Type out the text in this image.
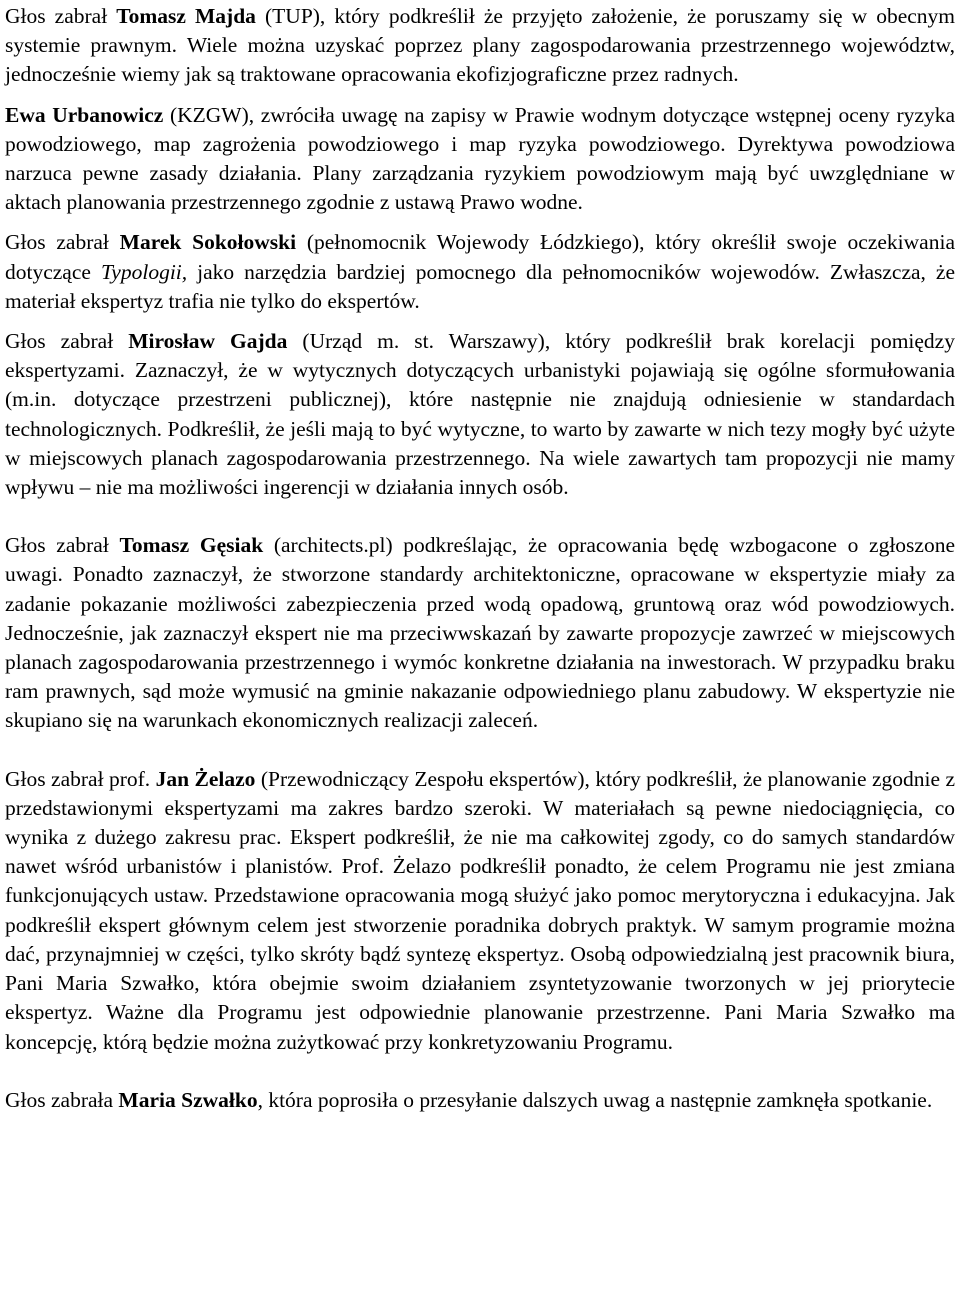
Głos zabrał Tomasz Majda (TUP), który podkreślił że przyjęto założenie, że poruszamy się w obecnym systemie prawnym. Wiele można uzyskać poprzez plany zagospodarowania przestrzennego województw, jednocześnie wiemy jak są traktowane opracowania ekofizjograficzne przez radnych.

Ewa Urbanowicz (KZGW), zwróciła uwagę na zapisy w Prawie wodnym dotyczące wstępnej oceny ryzyka powodziowego, map zagrożenia powodziowego i map ryzyka powodziowego. Dyrektywa powodziowa narzuca pewne zasady działania. Plany zarządzania ryzykiem powodziowym mają być uwzględniane w aktach planowania przestrzennego zgodnie z ustawą Prawo wodne.

Głos zabrał Marek Sokołowski (pełnomocnik Wojewody Łódzkiego), który określił swoje oczekiwania dotyczące Typologii, jako narzędzia bardziej pomocnego dla pełnomocników wojewodów. Zwłaszcza, że materiał ekspertyz trafia nie tylko do ekspertów.

Głos zabrał Mirosław Gajda (Urząd m. st. Warszawy), który podkreślił brak korelacji pomiędzy ekspertyzami. Zaznaczył, że w wytycznych dotyczących urbanistyki pojawiają się ogólne sformułowania (m.in. dotyczące przestrzeni publicznej), które następnie nie znajdują odniesienie w standardach technologicznych. Podkreślił, że jeśli mają to być wytyczne, to warto by zawarte w nich tezy mogły być użyte w miejscowych planach zagospodarowania przestrzennego. Na wiele zawartych tam propozycji nie mamy wpływu – nie ma możliwości ingerencji w działania innych osób.

Głos zabrał Tomasz Gęsiak (architects.pl) podkreślając, że opracowania będę wzbogacone o zgłoszone uwagi. Ponadto zaznaczył, że stworzone standardy architektoniczne, opracowane w ekspertyzie miały za zadanie pokazanie możliwości zabezpieczenia przed wodą opadową, gruntową oraz wód powodziowych. Jednocześnie, jak zaznaczył ekspert nie ma przeciwwskazań by zawarte propozycje zawrzeć w miejscowych planach zagospodarowania przestrzennego i wymóc konkretne działania na inwestorach. W przypadku braku ram prawnych, sąd może wymusić na gminie nakazanie odpowiedniego planu zabudowy. W ekspertyzie nie skupiano się na warunkach ekonomicznych realizacji zaleceń.

Głos zabrał prof. Jan Żelazo (Przewodniczący Zespołu ekspertów), który podkreślił, że planowanie zgodnie z przedstawionymi ekspertyzami ma zakres bardzo szeroki. W materiałach są pewne niedociągnięcia, co wynika z dużego zakresu prac. Ekspert podkreślił, że nie ma całkowitej zgody, co do samych standardów nawet wśród urbanistów i planistów. Prof. Żelazo podkreślił ponadto, że celem Programu nie jest zmiana funkcjonujących ustaw. Przedstawione opracowania mogą służyć jako pomoc merytoryczna i edukacyjna. Jak podkreślił ekspert głównym celem jest stworzenie poradnika dobrych praktyk. W samym programie można dać, przynajmniej w części, tylko skróty bądź syntezę ekspertyz. Osobą odpowiedzialną jest pracownik biura, Pani Maria Szwałko, która obejmie swoim działaniem zsyntetyzowanie tworzonych w jej priorytecie ekspertyz. Ważne dla Programu jest odpowiednie planowanie przestrzenne. Pani Maria Szwałko ma koncepcję, którą będzie można zużytkować przy konkretyzowaniu Programu.

Głos zabrała Maria Szwałko, która poprosiła o przesyłanie dalszych uwag a następnie zamknęła spotkanie.
